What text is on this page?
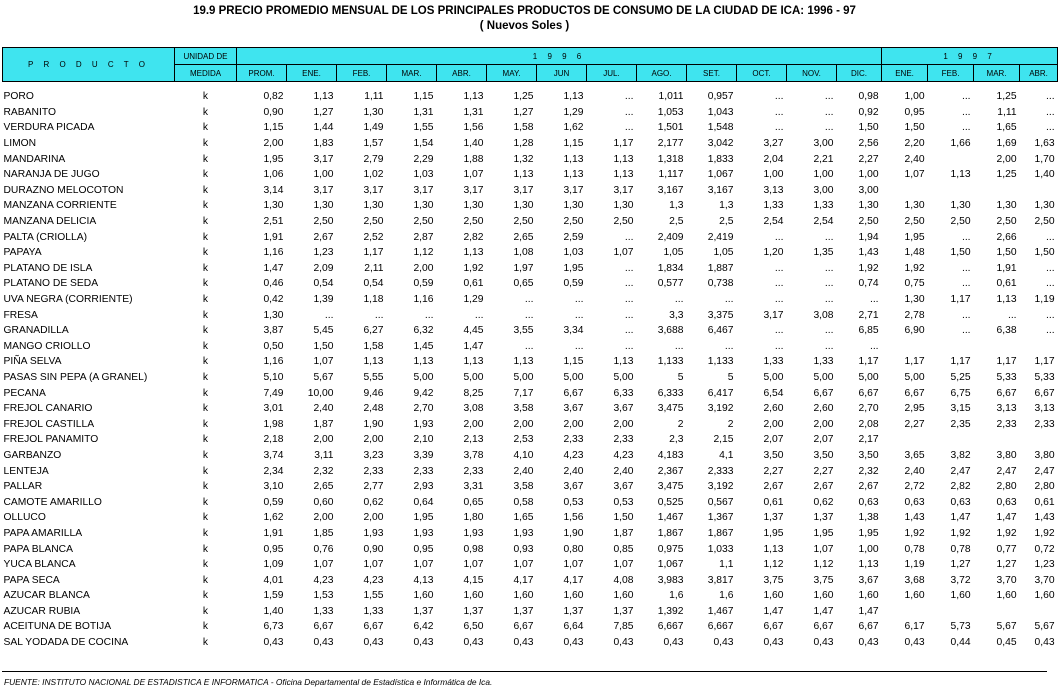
19.9 PRECIO PROMEDIO MENSUAL DE LOS PRINCIPALES PRODUCTOS DE CONSUMO DE LA CIUDAD DE ICA: 1996 - 97
( Nuevos Soles )
P R O D U C T O	UNIDAD DE	1 9 9 6													1 9 9 7			
	MEDIDA	PROM.	ENE.	FEB.	MAR.	ABR.	MAY.	JUN	JUL.	AGO.	SET.	OCT.	NOV.	DIC.	ENE.	FEB.	MAR.	ABR.
PORO	k	0,82	1,13	1,11	1,15	1,13	1,25	1,13	...	1,011	0,957	...	...	0,98	1,00	...	1,25	...
RABANITO	k	0,90	1,27	1,30	1,31	1,31	1,27	1,29	...	1,053	1,043	...	...	0,92	0,95	...	1,11	...
VERDURA PICADA	k	1,15	1,44	1,49	1,55	1,56	1,58	1,62	...	1,501	1,548	...	...	1,50	1,50	...	1,65	...
LIMON	k	2,00	1,83	1,57	1,54	1,40	1,28	1,15	1,17	2,177	3,042	3,27	3,00	2,56	2,20	1,66	1,69	1,63
MANDARINA	k	1,95	3,17	2,79	2,29	1,88	1,32	1,13	1,13	1,318	1,833	2,04	2,21	2,27	2,40		2,00	1,70
NARANJA DE JUGO	k	1,06	1,00	1,02	1,03	1,07	1,13	1,13	1,13	1,117	1,067	1,00	1,00	1,00	1,07	1,13	1,25	1,40
DURAZNO MELOCOTON	k	3,14	3,17	3,17	3,17	3,17	3,17	3,17	3,17	3,167	3,167	3,13	3,00	3,00				
MANZANA CORRIENTE	k	1,30	1,30	1,30	1,30	1,30	1,30	1,30	1,30	1,3	1,3	1,33	1,33	1,30	1,30	1,30	1,30	1,30
MANZANA DELICIA	k	2,51	2,50	2,50	2,50	2,50	2,50	2,50	2,50	2,5	2,5	2,54	2,54	2,50	2,50	2,50	2,50	2,50
PALTA (CRIOLLA)	k	1,91	2,67	2,52	2,87	2,82	2,65	2,59	...	2,409	2,419	...	...	1,94	1,95	...	2,66	...
PAPAYA	k	1,16	1,23	1,17	1,12	1,13	1,08	1,03	1,07	1,05	1,05	1,20	1,35	1,43	1,48	1,50	1,50	1,50
PLATANO DE ISLA	k	1,47	2,09	2,11	2,00	1,92	1,97	1,95	...	1,834	1,887	...	...	1,92	1,92	...	1,91	...
PLATANO DE SEDA	k	0,46	0,54	0,54	0,59	0,61	0,65	0,59	...	0,577	0,738	...	...	0,74	0,75	...	0,61	...
UVA NEGRA (CORRIENTE)	k	0,42	1,39	1,18	1,16	1,29	...	...	...	...	...	...	...	...	1,30	1,17	1,13	1,19
FRESA	k	1,30	...	...	...	...	...	...	...	3,3	3,375	3,17	3,08	2,71	2,78	...	...	...
GRANADILLA	k	3,87	5,45	6,27	6,32	4,45	3,55	3,34	...	3,688	6,467	...	...	6,85	6,90	...	6,38	...
MANGO CRIOLLO	k	0,50	1,50	1,58	1,45	1,47	...	...	...	...	...	...	...	...				
PIÑA SELVA	k	1,16	1,07	1,13	1,13	1,13	1,13	1,15	1,13	1,133	1,133	1,33	1,33	1,17	1,17	1,17	1,17	1,17
PASAS SIN PEPA (A GRANEL)	k	5,10	5,67	5,55	5,00	5,00	5,00	5,00	5,00	5	5	5,00	5,00	5,00	5,00	5,25	5,33	5,33
PECANA	k	7,49	10,00	9,46	9,42	8,25	7,17	6,67	6,33	6,333	6,417	6,54	6,67	6,67	6,67	6,75	6,67	6,67
FREJOL CANARIO	k	3,01	2,40	2,48	2,70	3,08	3,58	3,67	3,67	3,475	3,192	2,60	2,60	2,70	2,95	3,15	3,13	3,13
FREJOL CASTILLA	k	1,98	1,87	1,90	1,93	2,00	2,00	2,00	2,00	2	2	2,00	2,00	2,08	2,27	2,35	2,33	2,33
FREJOL PANAMITO	k	2,18	2,00	2,00	2,10	2,13	2,53	2,33	2,33	2,3	2,15	2,07	2,07	2,17				
GARBANZO	k	3,74	3,11	3,23	3,39	3,78	4,10	4,23	4,23	4,183	4,1	3,50	3,50	3,50	3,65	3,82	3,80	3,80
LENTEJA	k	2,34	2,32	2,33	2,33	2,33	2,40	2,40	2,40	2,367	2,333	2,27	2,27	2,32	2,40	2,47	2,47	2,47
PALLAR	k	3,10	2,65	2,77	2,93	3,31	3,58	3,67	3,67	3,475	3,192	2,67	2,67	2,67	2,72	2,82	2,80	2,80
CAMOTE AMARILLO	k	0,59	0,60	0,62	0,64	0,65	0,58	0,53	0,53	0,525	0,567	0,61	0,62	0,63	0,63	0,63	0,63	0,61
OLLUCO	k	1,62	2,00	2,00	1,95	1,80	1,65	1,56	1,50	1,467	1,367	1,37	1,37	1,38	1,43	1,47	1,47	1,43
PAPA AMARILLA	k	1,91	1,85	1,93	1,93	1,93	1,93	1,90	1,87	1,867	1,867	1,95	1,95	1,95	1,92	1,92	1,92	1,92
PAPA BLANCA	k	0,95	0,76	0,90	0,95	0,98	0,93	0,80	0,85	0,975	1,033	1,13	1,07	1,00	0,78	0,78	0,77	0,72
YUCA BLANCA	k	1,09	1,07	1,07	1,07	1,07	1,07	1,07	1,07	1,067	1,1	1,12	1,12	1,13	1,19	1,27	1,27	1,23
PAPA SECA	k	4,01	4,23	4,23	4,13	4,15	4,17	4,17	4,08	3,983	3,817	3,75	3,75	3,67	3,68	3,72	3,70	3,70
AZUCAR BLANCA	k	1,59	1,53	1,55	1,60	1,60	1,60	1,60	1,60	1,6	1,6	1,60	1,60	1,60	1,60	1,60	1,60	1,60
AZUCAR RUBIA	k	1,40	1,33	1,33	1,37	1,37	1,37	1,37	1,37	1,392	1,467	1,47	1,47	1,47				
ACEITUNA DE BOTIJA	k	6,73	6,67	6,67	6,42	6,50	6,67	6,64	7,85	6,667	6,667	6,67	6,67	6,67	6,17	5,73	5,67	5,67
SAL YODADA DE COCINA	k	0,43	0,43	0,43	0,43	0,43	0,43	0,43	0,43	0,43	0,43	0,43	0,43	0,43	0,43	0,44	0,45	0,43
FUENTE: INSTITUTO NACIONAL DE ESTADISTICA E INFORMATICA - Oficina Departamental de Estadística e Informática de Ica.
